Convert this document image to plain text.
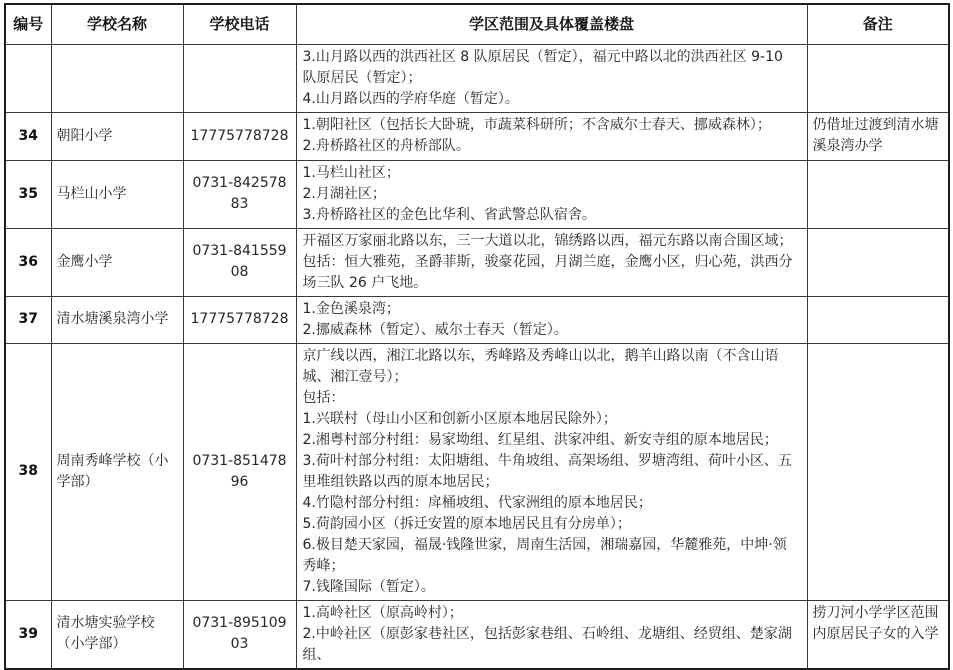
编号	学校名称	学校电话	学区范围及具体覆盖楼盘	备注

			3.山月路以西的洪西社区 8 队原居民（暂定），福元中路以北的洪西社区 9-10 队原居民（暂定）；
4.山月路以西的学府华庭（暂定）。	

34	朝阳小学	17775778728	1.朝阳社区（包括长大卧琥，市蔬菜科研所；不含威尔士春天、挪威森林）；
2.舟桥路社区的舟桥部队。	仍借址过渡到清水塘溪泉湾办学
35	马栏山小学	0731-84257883	1.马栏山社区；
2.月湖社区；
3.舟桥路社区的金色比华利、省武警总队宿舍。	

36	金鹰小学	0731-84155908	开福区万家丽北路以东，三一大道以北，锦绣路以西，福元东路以南合围区域；包括：恒大雅苑，圣爵菲斯，骏豪花园，月湖兰庭，金鹰小区，归心苑，洪西分场三队 26 户飞地。	

37	清水塘溪泉湾小学	17775778728	1.金色溪泉湾；
2.挪威森林（暂定）、威尔士春天（暂定）。	

38	周南秀峰学校（小学部）	0731-85147896	
京广线以西，湘江北路以东，秀峰路及秀峰山以北，鹅羊山路以南（不含山语城、湘江壹号）；
包括：
1.兴联村（母山小区和创新小区原本地居民除外）；
2.湘粤村部分村组：易家坳组、红星组、洪家冲组、新安寺组的原本地居民；
3.荷叶村部分村组：太阳塘组、牛角坡组、高架场组、罗塘湾组、荷叶小区、五里堆组铁路以西的原本地居民；
4.竹隐村部分村组：戽桶坡组、代家洲组的原本地居民；
5.荷韵园小区（拆迁安置的原本地居民且有分房单）；
6.极目楚天家园，福晟·钱隆世家，周南生活园，湘瑞嘉园，华麓雅苑，中坤·领秀峰；
7.钱隆国际（暂定）。

39	清水塘实验学校（小学部）	0731-89510903	1.高岭社区（原高岭村）；
2.中岭社区（原彭家巷社区，包括彭家巷组、石岭组、龙塘组、经贸组、楚家湖组、	捞刀河小学学区范围内原居民子女的入学
